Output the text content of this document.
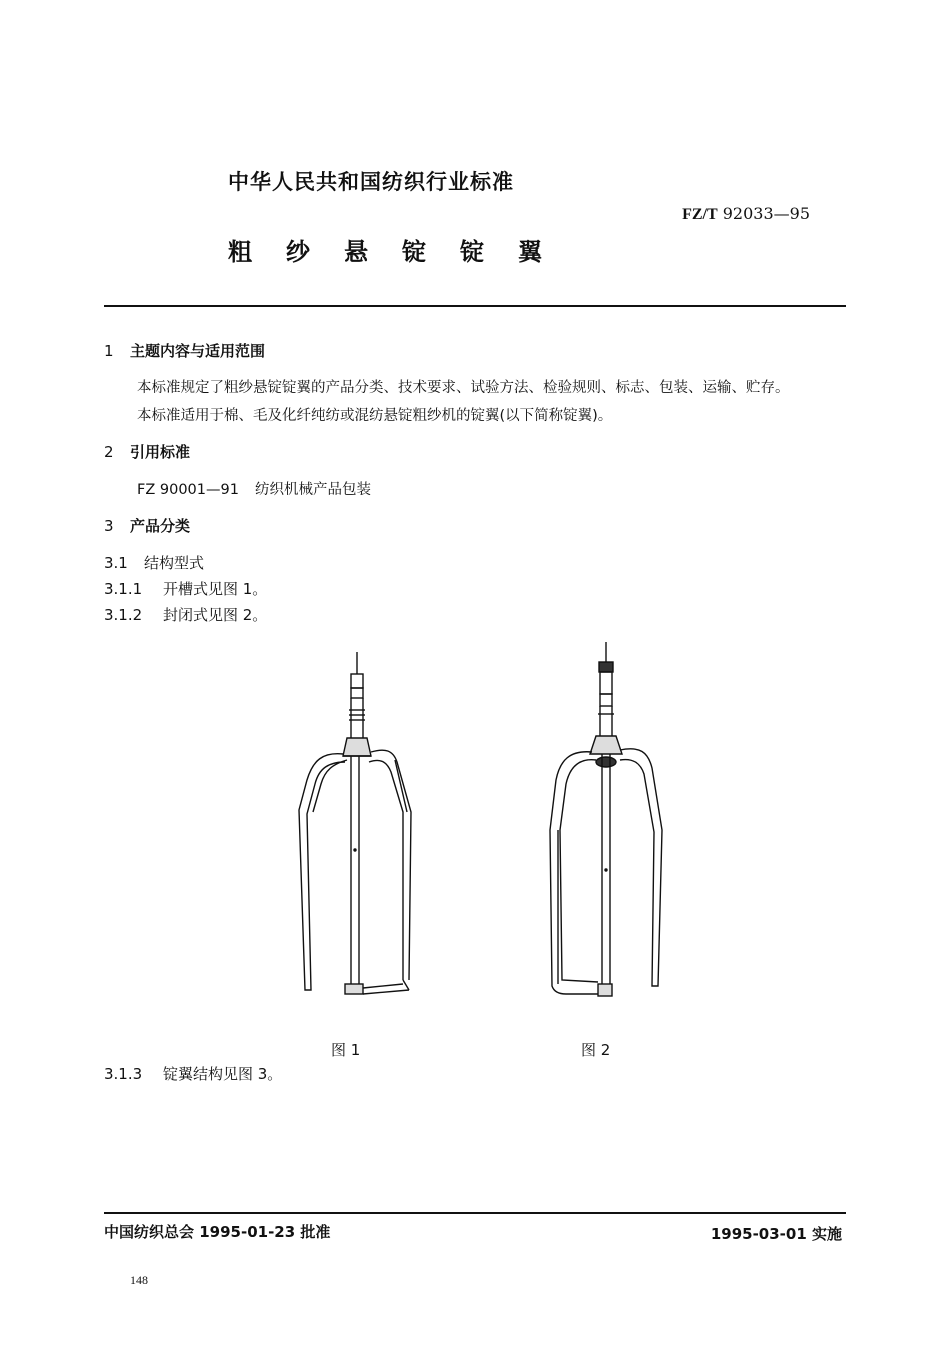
中华人民共和国纺织行业标准
FZ/T 92033—95
粗纱悬锭锭翼
1 主题内容与适用范围
本标准规定了粗纱悬锭锭翼的产品分类、技术要求、试验方法、检验规则、标志、包装、运输、贮存。
本标准适用于棉、毛及化纤纯纺或混纺悬锭粗纱机的锭翼(以下简称锭翼)。
2 引用标准
FZ 90001—91 纺织机械产品包装
3 产品分类
3.1 结构型式
3.1.1 开槽式见图 1。
3.1.2 封闭式见图 2。
图 1	图 2
3.1.3 锭翼结构见图 3。
中国纺织总会 1995-01-23 批准	1995-03-01 实施
148
